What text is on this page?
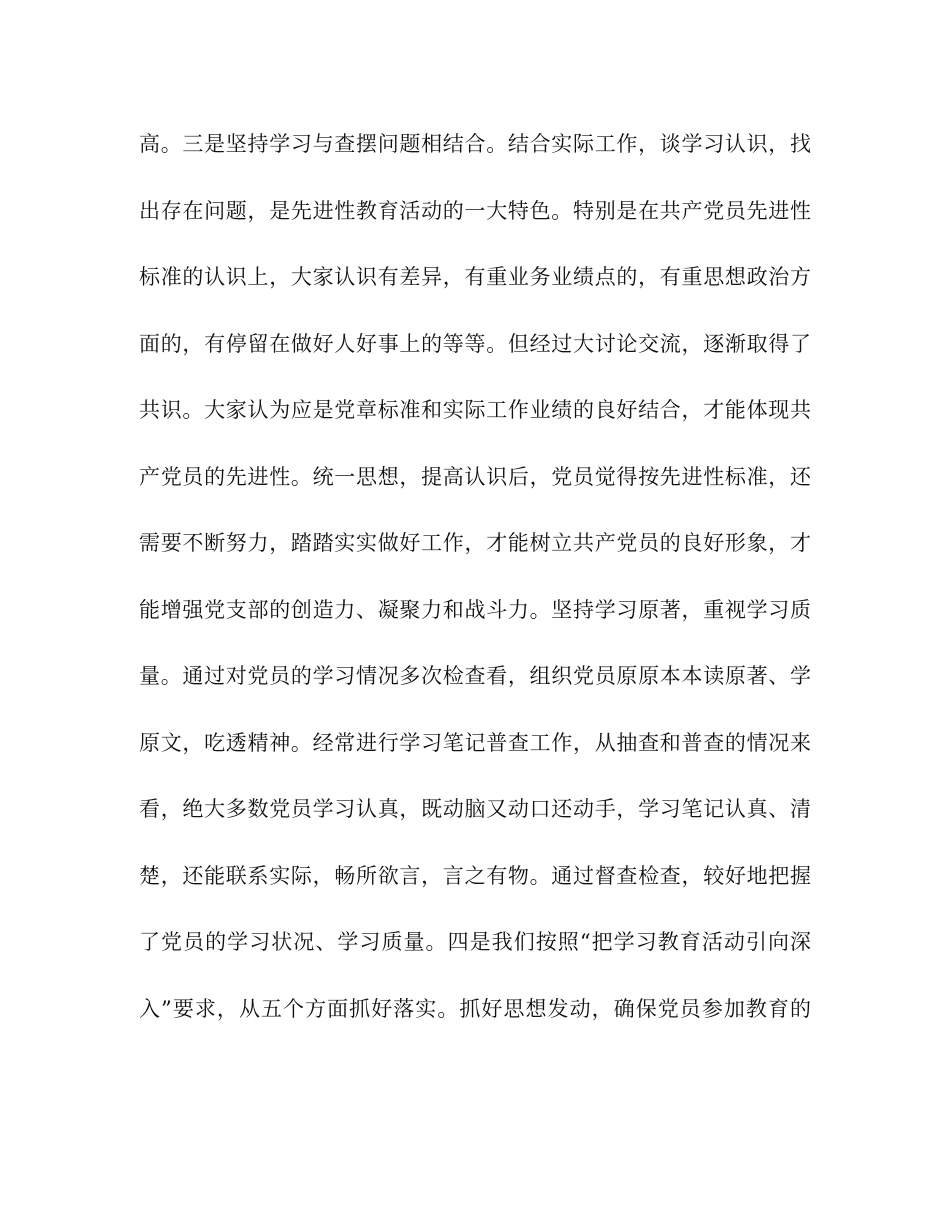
高。三是坚持学习与查摆问题相结合。结合实际工作，谈学习认识，找
出存在问题，是先进性教育活动的一大特色。特别是在共产党员先进性
标准的认识上，大家认识有差异，有重业务业绩点的，有重思想政治方
面的，有停留在做好人好事上的等等。但经过大讨论交流，逐渐取得了
共识。大家认为应是党章标准和实际工作业绩的良好结合，才能体现共
产党员的先进性。统一思想，提高认识后，党员觉得按先进性标准，还
需要不断努力，踏踏实实做好工作，才能树立共产党员的良好形象，才
能增强党支部的创造力、凝聚力和战斗力。坚持学习原著，重视学习质
量。通过对党员的学习情况多次检查看，组织党员原原本本读原著、学
原文，吃透精神。经常进行学习笔记普查工作，从抽查和普查的情况来
看，绝大多数党员学习认真，既动脑又动口还动手，学习笔记认真、清
楚，还能联系实际，畅所欲言，言之有物。通过督查检查，较好地把握
了党员的学习状况、学习质量。四是我们按照“把学习教育活动引向深
入”要求，从五个方面抓好落实。抓好思想发动，确保党员参加教育的
